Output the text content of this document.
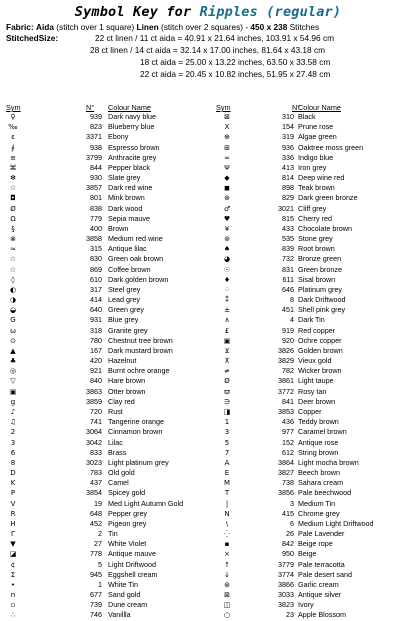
Symbol Key for Ripples (regular)
Fabric: Aida (stitch over 1 square) Linen (stitch over 2 squares) - 450 x 238 Stitches
StitchedSize:	22 ct linen / 11 ct aida = 40.91 x 21.64 inches, 103.91 x 54.96 cm
28 ct linen / 14 ct aida = 32.14 x 17.00 inches, 81.64 x 43.18 cm
18 ct aida = 25.00 x 13.22 inches, 63.50 x 33.58 cm
22 ct aida = 20.45 x 10.82 inches, 51.95 x 27.48 cm
Sym	N° Colour Name	Sym	N°
Colour Name
♀	939 Dark navy blue
‰	823 Blueberry blue
ε	3371 Ebony
∮	938 Espresso brown
≡	3799 Anthracite grey
⌘	844 Pepper black
✻	930 Slate grey
☆	3857 Dark red wine
◘	801 Mink brown
Ø	838 Dark wood
Ω	779 Sepia mauve
§	400 Brown
⊗	3858 Medium red wine
≈	315 Antique lilac
☆	830 Green oak brown
☆	869 Coffee brown
◊	610 Dark golden brown
◐	317 Steel grey
◑	414 Lead grey
◒	640 Green grey
G	931 Blue grey
ω	318 Granite grey
⊙	780 Chestnut tree brown
▲	167 Dark mustard brown
♣	420 Hazelnut
◎	921 Burnt ochre orange
▽	840 Hare brown
▣	3863 Otter brown
g	3859 Clay red
♪	720 Rust
♫	741 Tangerine orange
2	3064 Cinnamon brown
3	3042 Lilac
6	833 Brass
8	3023 Light platinum grey
D	783 Old gold
K	437 Camel
P	3854 Spicey gold
V	19 Med Light Autumn Gold
R	648 Pepper grey
H	452 Pigeon grey
Γ	2 Tin
▼	27 White Violet
◪	778 Antique mauve
¢	5 Light Driftwood
Σ	945 Eggshell cream
•	1 White Tin
n	677 Sand gold
▫	739 Dune cream
∴	746 Vanillla
⊠	310 Black
X	154 Prune rose
⊕	319 Algae green
⊞	936 Oaktree moss green
∞	336 Indigo blue
Ψ	413 Iron grey
◆	814 Deep wine red
◼	898 Teak brown
⊛	829 Dark green bronze
♂	3021 Cliff grey
♥	815 Cherry red
¥	433 Chocolate brown
⊚	535 Stone grey
♠	839 Root brown
◕	732 Bronze green
☉	831 Green bronze
♦	611 Sisal brown
⁘	646 Platinum grey
⁑	8 Dark Driftwood
±	451 Shell pink grey
∧	4 Dark Tin
£	919 Red copper
▣	920 Ochre copper
⊻	3826 Golden brown
⊼	3829 Vieux gold
≠	782 Wicker brown
Ø	3861 Light taupe
ϖ	3772 Rosy tan
∋	841 Deer brown
◨	3853 Copper
1	436 Teddy brown
3	977 Caramel brown
5	152 Antique rose
7	612 String brown
A	3864 Light mocha brown
E	3827 Beech brown
M	738 Sahara cream
T	3856 Pale beechwood
|	3 Medium Tin
N	415 Chrome grey
\	6 Medium Light Driftwood
⁛	26 Pale Lavender
▪	842 Beige rope
×	950 Beige
↑	3779 Pale terracotta
↓	3774 Pale desert sand
⊛	3866 Garlic cream
⊠	3033 Antique silver
◫	3823 Ivory
○	23 Apple Blossom
